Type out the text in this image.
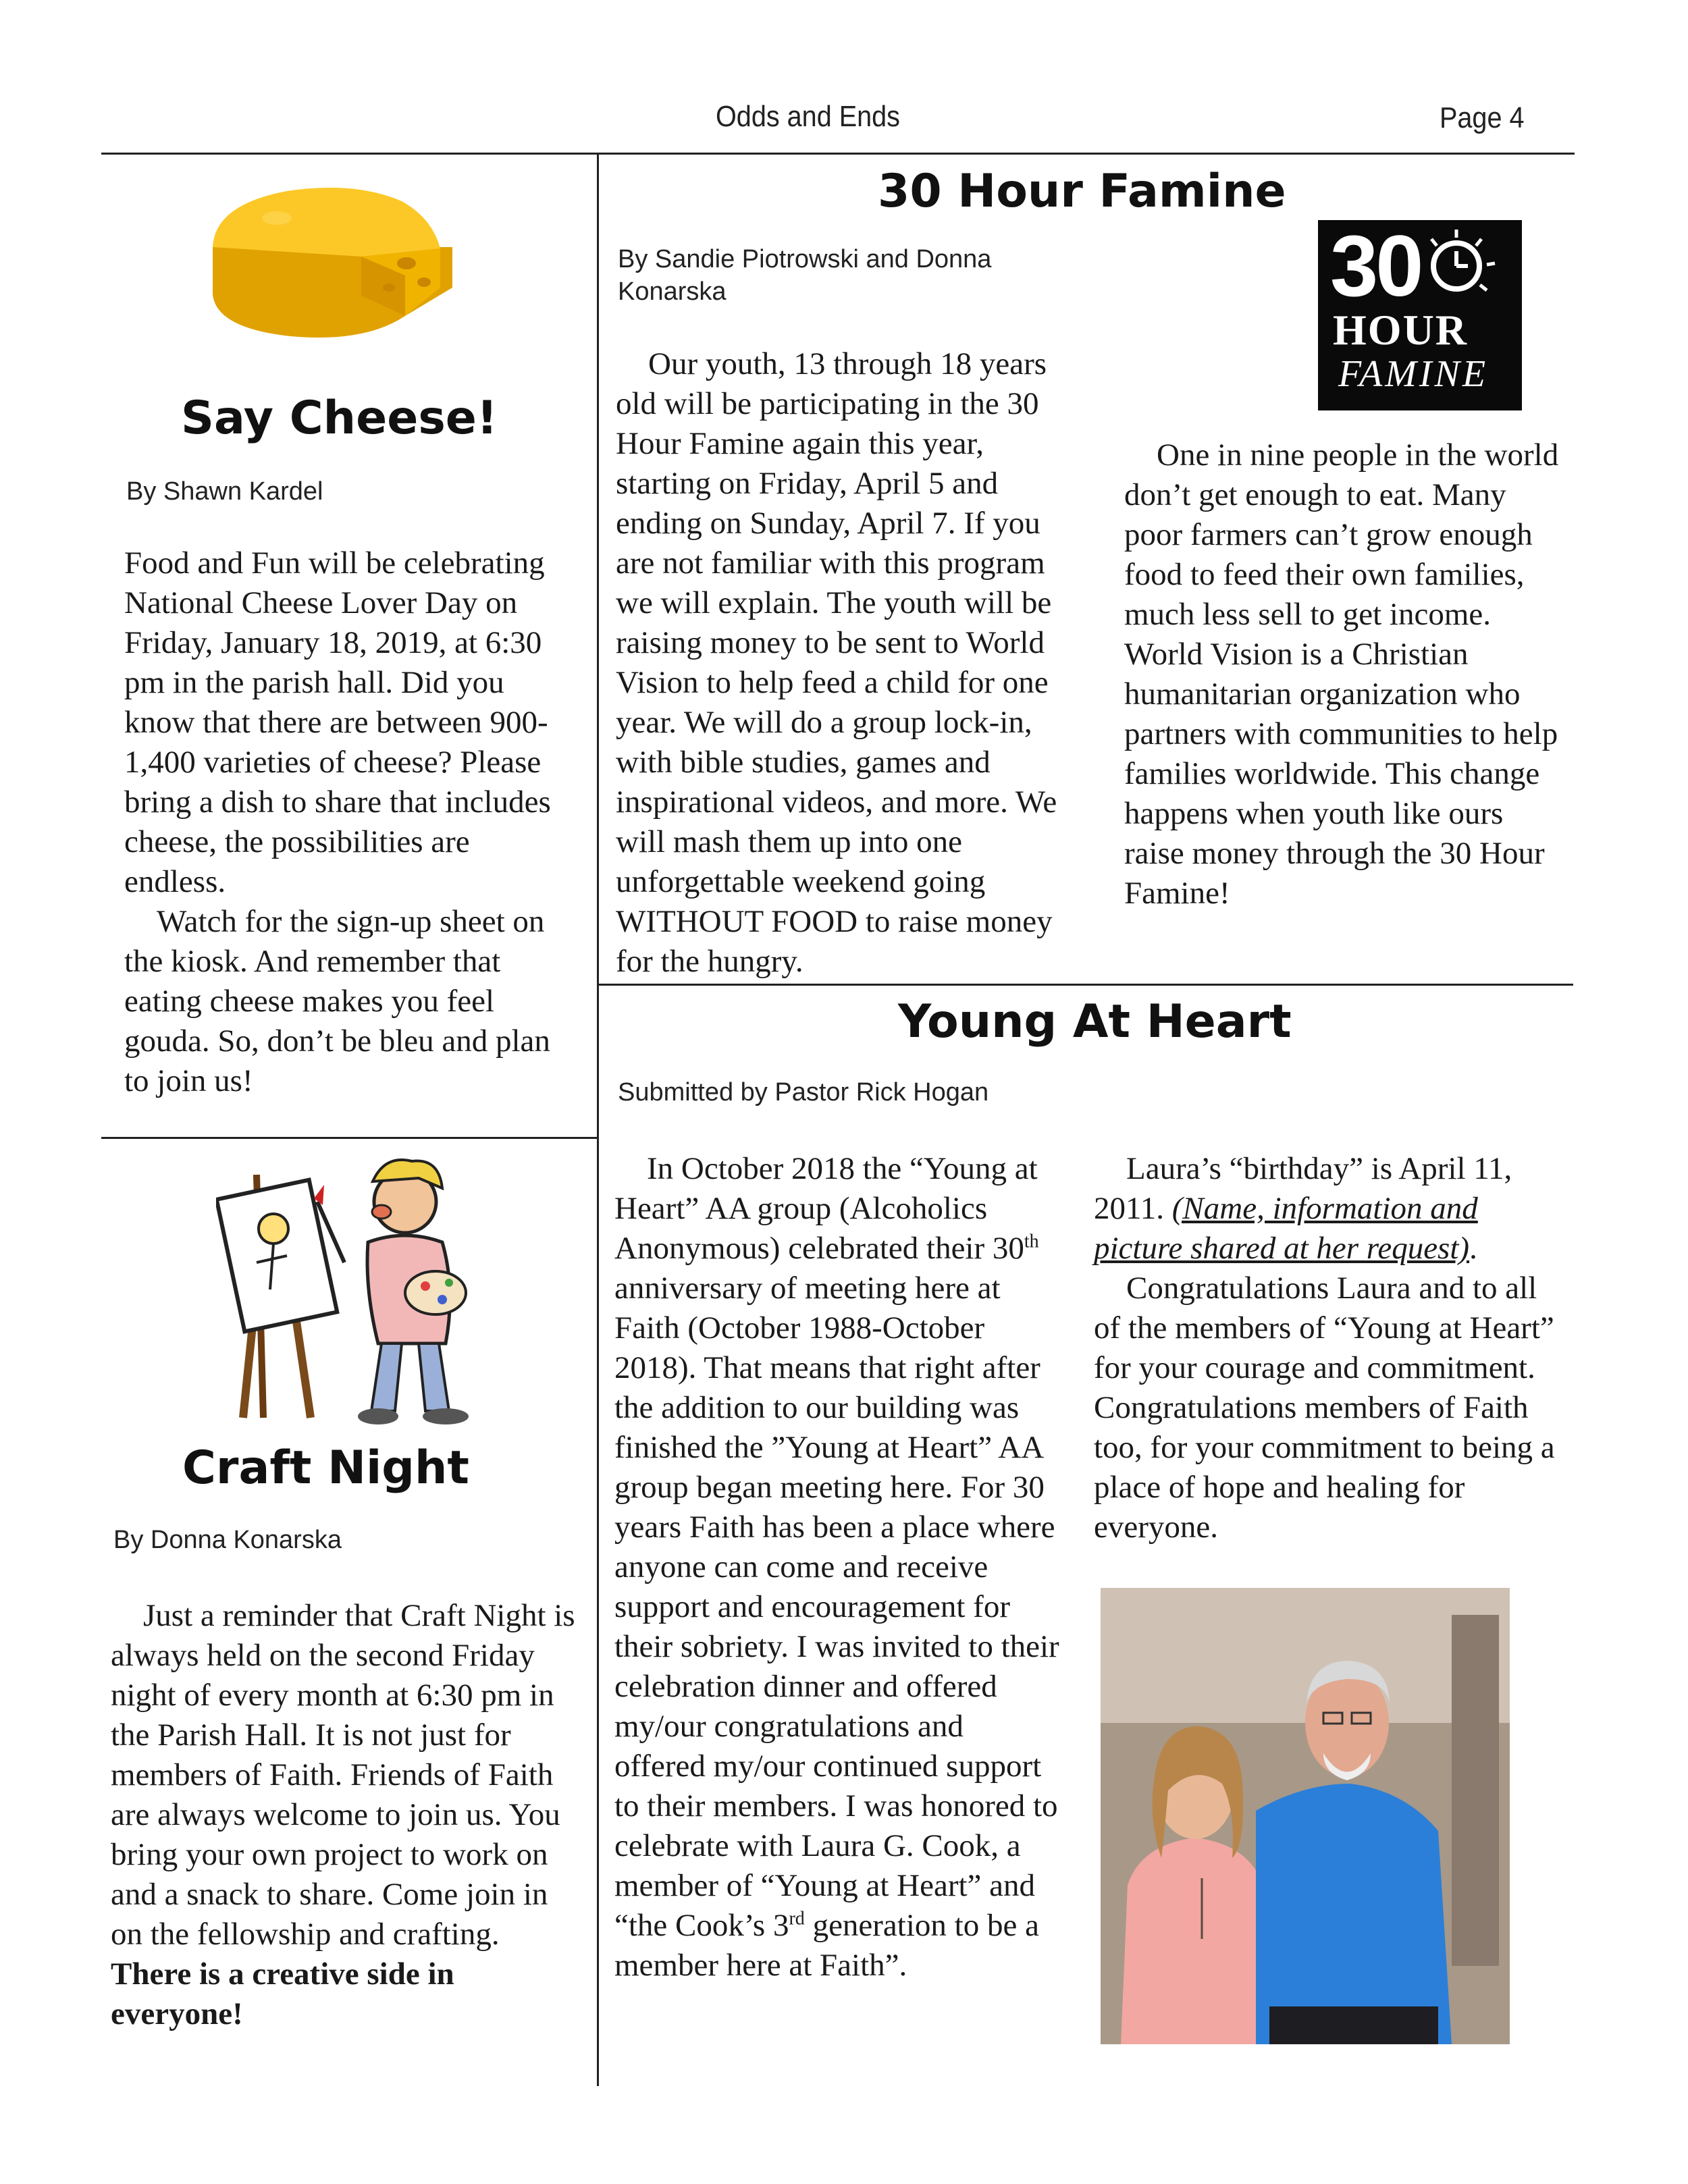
Odds and Ends	Page 4
Say Cheese!
By Shawn Kardel

Food and Fun will be celebrating National Cheese Lover Day on Friday, January 18, 2019, at 6:30 pm in the parish hall. Did you know that there are between 900-1,400 varieties of cheese? Please bring a dish to share that includes cheese, the possibilities are endless.

Watch for the sign-up sheet on the kiosk. And remember that eating cheese makes you feel gouda. So, don’t be bleu and plan to join us!

Craft Night
By Donna Konarska

Just a reminder that Craft Night is always held on the second Friday night of every month at 6:30 pm in the Parish Hall. It is not just for members of Faith. Friends of Faith are always welcome to join us. You bring your own project to work on and a snack to share. Come join in on the fellowship and crafting. There is a creative side in everyone!

30 Hour Famine
By Sandie Piotrowski and Donna Konarska	30
HOUR
FAMINE

Our youth, 13 through 18 years old will be participating in the 30 Hour Famine again this year, starting on Friday, April 5 and ending on Sunday, April 7. If you are not familiar with this program we will explain. The youth will be raising money to be sent to World Vision to help feed a child for one year. We will do a group lock-in, with bible studies, games and inspirational videos, and more. We will mash them up into one unforgettable weekend going WITHOUT FOOD to raise money for the hungry.

One in nine people in the world don’t get enough to eat. Many poor farmers can’t grow enough food to feed their own families, much less sell to get income. World Vision is a Christian humanitarian organization who partners with communities to help families worldwide. This change happens when youth like ours raise money through the 30 Hour Famine!

Young At Heart
Submitted by Pastor Rick Hogan

In October 2018 the “Young at Heart” AA group (Alcoholics Anonymous) celebrated their 30th anniversary of meeting here at Faith (October 1988-October 2018). That means that right after the addition to our building was finished the ”Young at Heart” AA group began meeting here. For 30 years Faith has been a place where anyone can come and receive support and encouragement for their sobriety. I was invited to their celebration dinner and offered my/our congratulations and offered my/our continued support to their members. I was honored to celebrate with Laura G. Cook, a member of “Young at Heart” and “the Cook’s 3rd generation to be a member here at Faith”.

Laura’s “birthday” is April 11, 2011. (Name, information and picture shared at her request).

Congratulations Laura and to all of the members of “Young at Heart” for your courage and commitment. Congratulations members of Faith too, for your commitment to being a place of hope and healing for everyone.
